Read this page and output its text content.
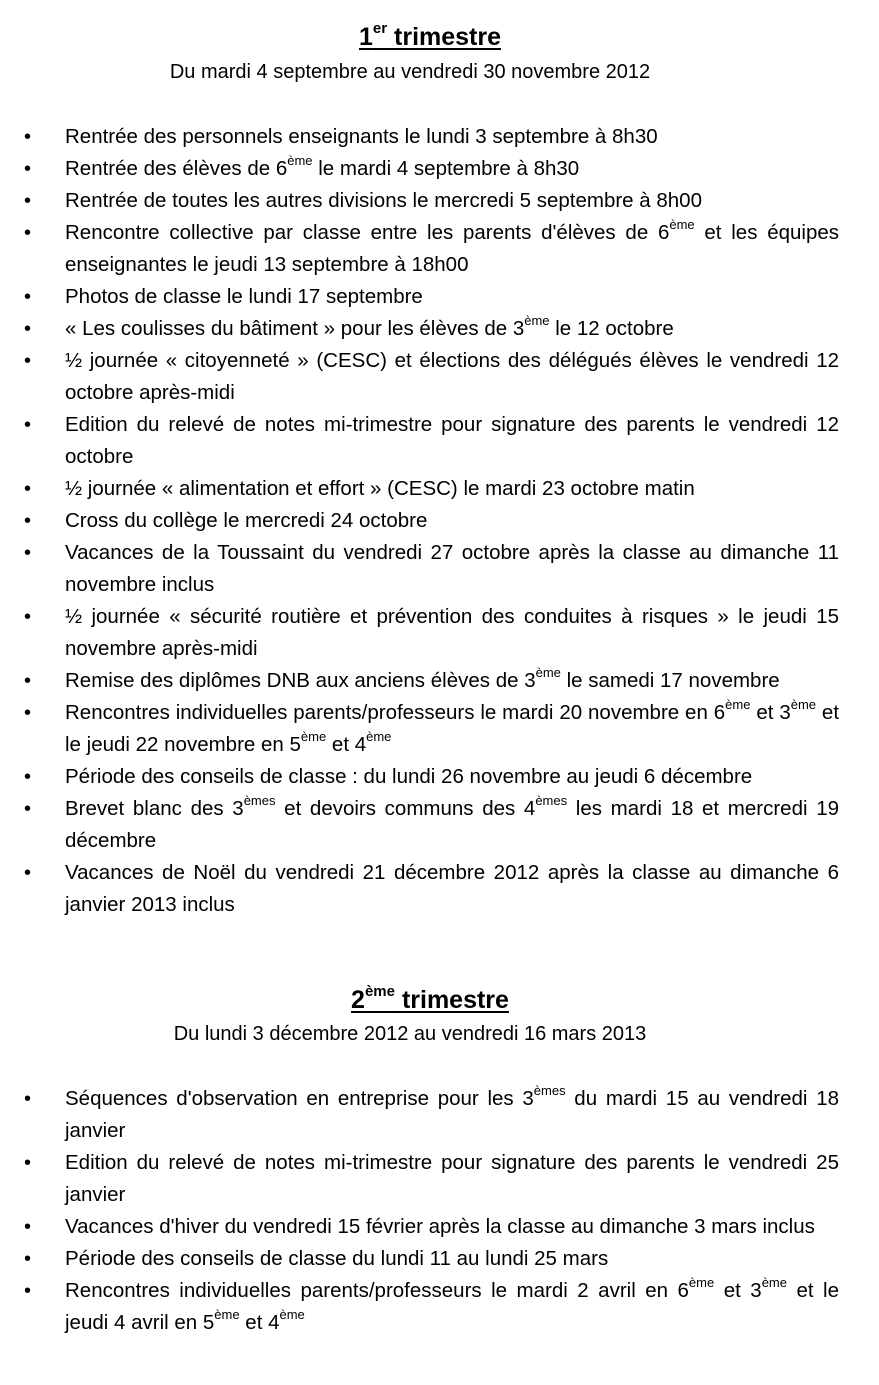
1er trimestre

Du mardi 4 septembre au vendredi 30 novembre 2012

• Rentrée des personnels enseignants le lundi 3 septembre à 8h30
• Rentrée des élèves de 6ème le mardi 4 septembre à 8h30
• Rentrée de toutes les autres divisions le mercredi 5 septembre à 8h00
• Rencontre collective par classe entre les parents d'élèves de 6ème et les équipes enseignantes le jeudi 13 septembre à 18h00
• Photos de classe le lundi 17 septembre
• « Les coulisses du bâtiment » pour les élèves de 3ème le 12 octobre
• ½ journée « citoyenneté » (CESC) et élections des délégués élèves le vendredi 12 octobre après-midi
• Edition du relevé de notes mi-trimestre pour signature des parents le vendredi 12 octobre
• ½ journée « alimentation et effort » (CESC) le mardi 23 octobre matin
• Cross du collège le mercredi 24 octobre
• Vacances de la Toussaint du vendredi 27 octobre après la classe au dimanche 11 novembre inclus
• ½ journée « sécurité routière et prévention des conduites à risques » le jeudi 15 novembre après-midi
• Remise des diplômes DNB aux anciens élèves de 3ème le samedi 17 novembre
• Rencontres individuelles parents/professeurs le mardi 20 novembre en 6ème et 3ème et le jeudi 22 novembre en 5ème et 4ème
• Période des conseils de classe : du lundi 26 novembre au jeudi 6 décembre
• Brevet blanc des 3èmes et devoirs communs des 4èmes les mardi 18 et mercredi 19 décembre
• Vacances de Noël du vendredi 21 décembre 2012 après la classe au dimanche 6 janvier 2013 inclus
2ème trimestre

Du lundi 3 décembre 2012 au vendredi 16 mars 2013

• Séquences d'observation en entreprise pour les 3èmes du mardi 15 au vendredi 18 janvier
• Edition du relevé de notes mi-trimestre pour signature des parents le vendredi 25 janvier
• Vacances d'hiver du vendredi 15 février après la classe au dimanche 3 mars inclus
• Période des conseils de classe du lundi 11 au lundi 25 mars
• Rencontres individuelles parents/professeurs le mardi 2 avril en 6ème et 3ème et le jeudi 4 avril en 5ème et 4ème
